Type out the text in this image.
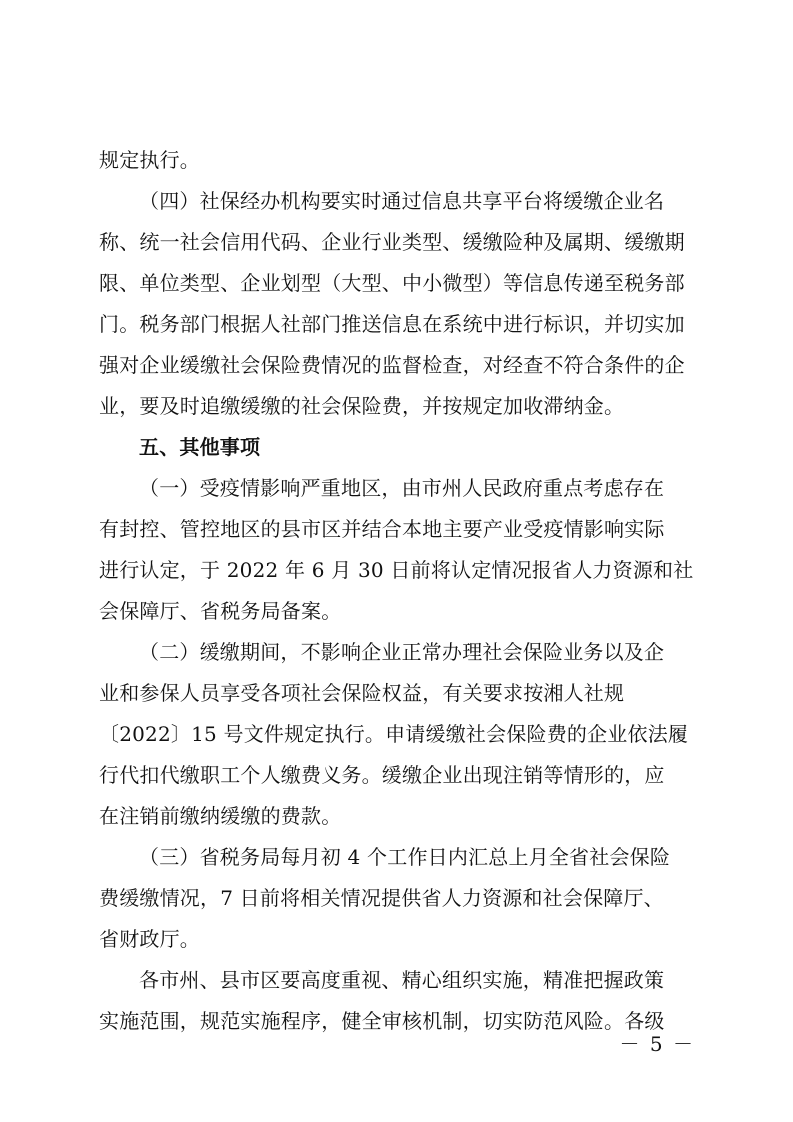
规定执行。
（四）社保经办机构要实时通过信息共享平台将缓缴企业名
称、统一社会信用代码、企业行业类型、缓缴险种及属期、缓缴期
限、单位类型、企业划型（大型、中小微型）等信息传递至税务部
门。税务部门根据人社部门推送信息在系统中进行标识，并切实加
强对企业缓缴社会保险费情况的监督检查，对经查不符合条件的企
业，要及时追缴缓缴的社会保险费，并按规定加收滞纳金。
五、其他事项
（一）受疫情影响严重地区，由市州人民政府重点考虑存在
有封控、管控地区的县市区并结合本地主要产业受疫情影响实际
进行认定，于 2022 年 6 月 30 日前将认定情况报省人力资源和社
会保障厅、省税务局备案。
（二）缓缴期间，不影响企业正常办理社会保险业务以及企
业和参保人员享受各项社会保险权益，有关要求按湘人社规
〔2022〕15 号文件规定执行。申请缓缴社会保险费的企业依法履
行代扣代缴职工个人缴费义务。缓缴企业出现注销等情形的，应
在注销前缴纳缓缴的费款。
（三）省税务局每月初 4 个工作日内汇总上月全省社会保险
费缓缴情况，7 日前将相关情况提供省人力资源和社会保障厅、
省财政厅。
各市州、县市区要高度重视、精心组织实施，精准把握政策
实施范围，规范实施程序，健全审核机制，切实防范风险。各级
－ 5 －
